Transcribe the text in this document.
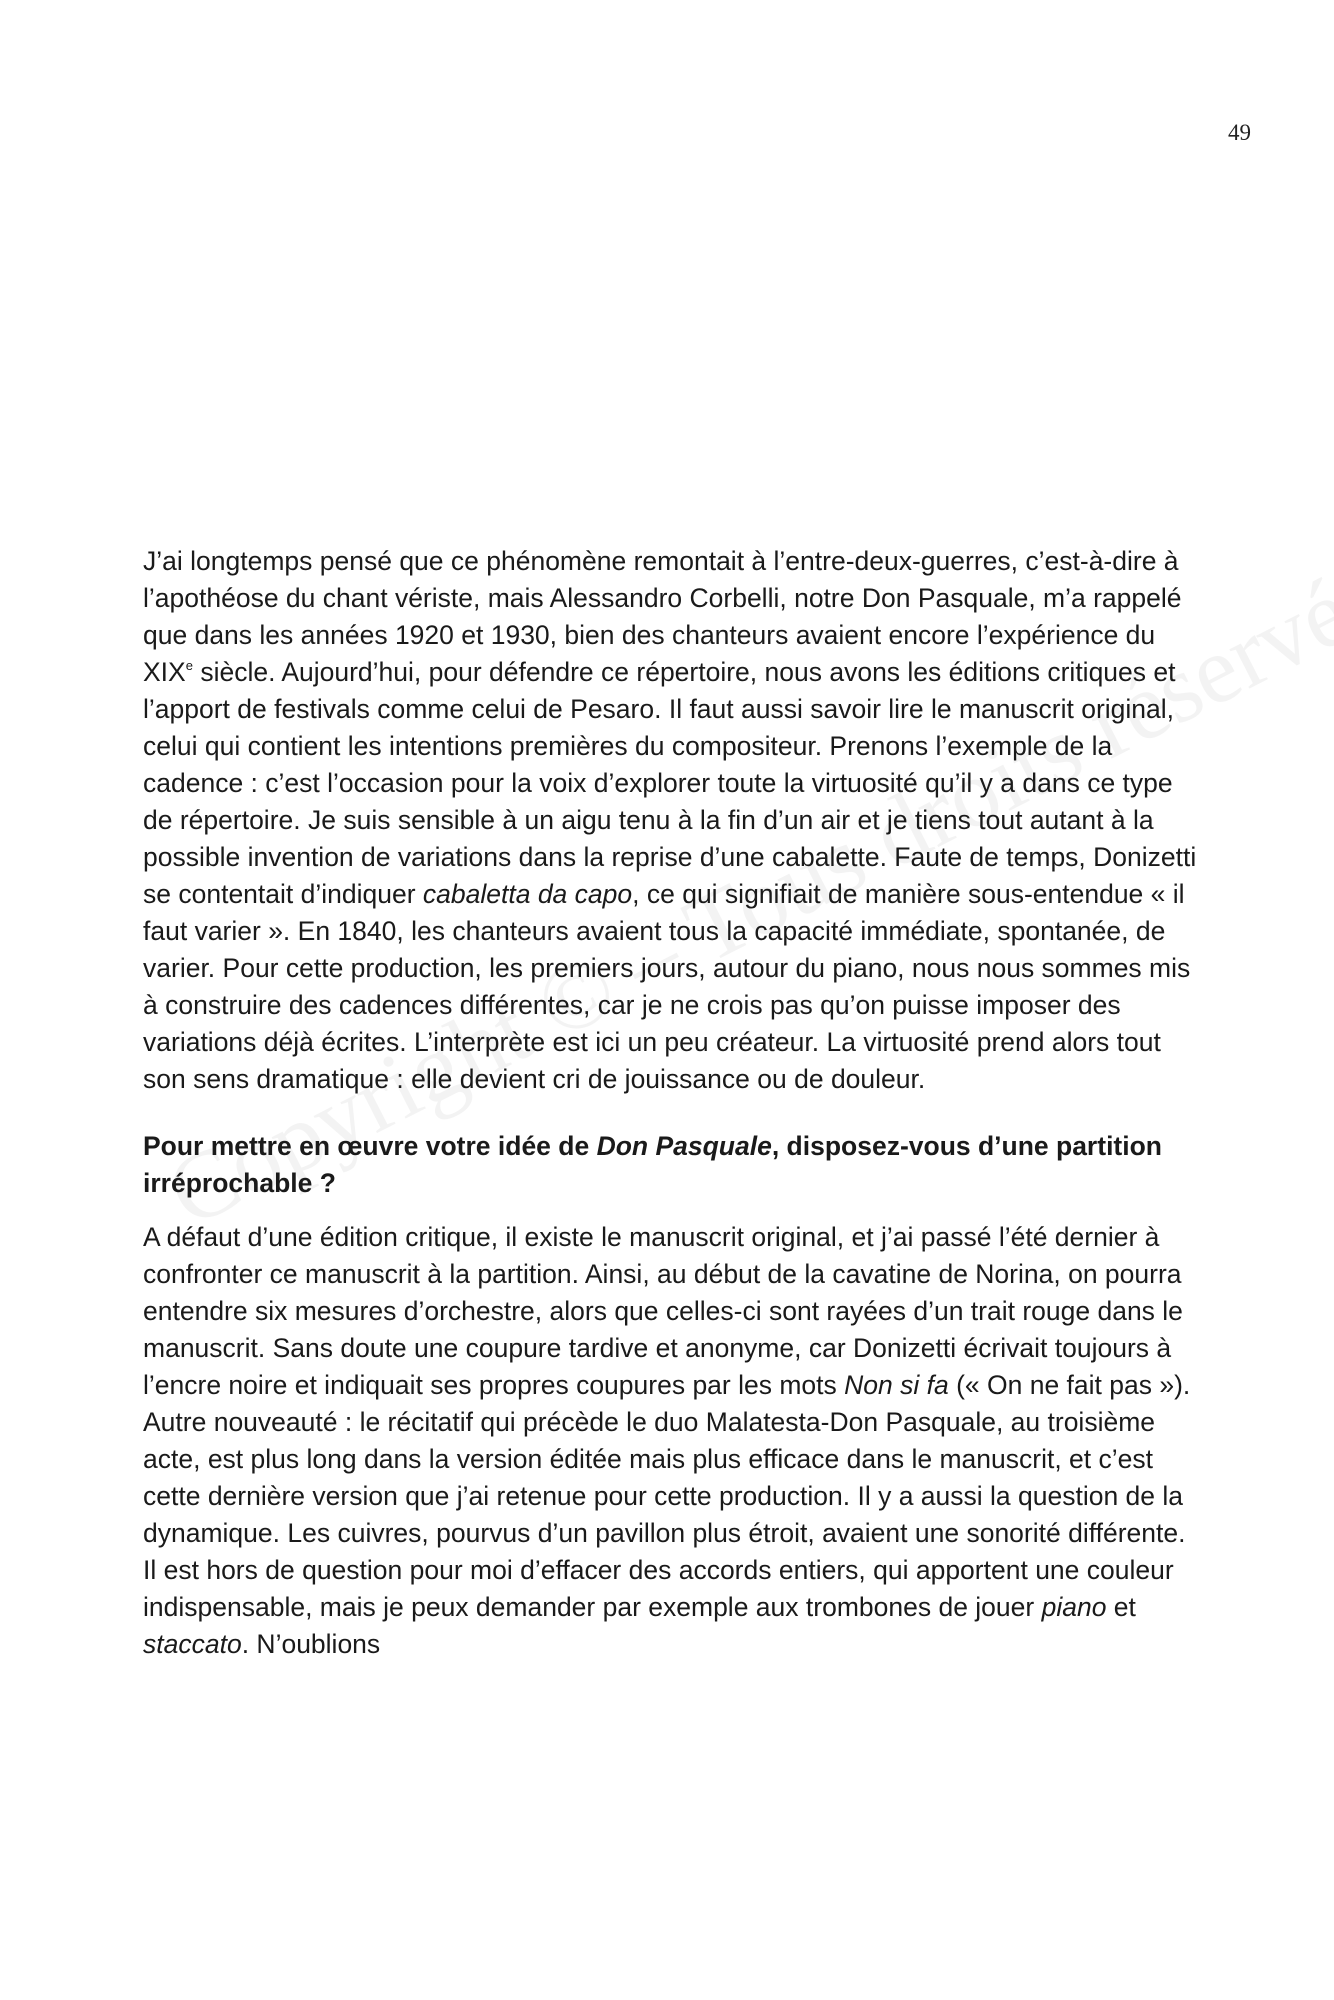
49

J’ai longtemps pensé que ce phénomène remontait à l’entre-deux-guerres, c’est-à-dire à l’apothéose du chant vériste, mais Alessandro Corbelli, notre Don Pasquale, m’a rappelé que dans les années 1920 et 1930, bien des chanteurs avaient encore l’expérience du XIXe siècle. Aujourd’hui, pour défendre ce répertoire, nous avons les éditions critiques et l’apport de festivals comme celui de Pesaro. Il faut aussi savoir lire le manuscrit original, celui qui contient les intentions premières du compositeur. Prenons l’exemple de la cadence : c’est l’occasion pour la voix d’explorer toute la virtuosité qu’il y a dans ce type de répertoire. Je suis sensible à un aigu tenu à la fin d’un air et je tiens tout autant à la possible invention de variations dans la reprise d’une cabalette. Faute de temps, Donizetti se contentait d’indiquer cabaletta da capo, ce qui signifiait de manière sous-entendue « il faut varier ». En 1840, les chanteurs avaient tous la capacité immédiate, spontanée, de varier. Pour cette production, les premiers jours, autour du piano, nous nous sommes mis à construire des cadences différentes, car je ne crois pas qu’on puisse imposer des variations déjà écrites. L’interprète est ici un peu créateur. La virtuosité prend alors tout son sens dramatique : elle devient cri de jouissance ou de douleur.

Pour mettre en œuvre votre idée de Don Pasquale, disposez-vous d’une partition irréprochable ?

A défaut d’une édition critique, il existe le manuscrit original, et j’ai passé l’été dernier à confronter ce manuscrit à la partition. Ainsi, au début de la cavatine de Norina, on pourra entendre six mesures d’orchestre, alors que celles-ci sont rayées d’un trait rouge dans le manuscrit. Sans doute une coupure tardive et anonyme, car Donizetti écrivait toujours à l’encre noire et indiquait ses propres coupures par les mots Non si fa (« On ne fait pas »). Autre nouveauté : le récitatif qui précède le duo Malatesta-Don Pasquale, au troisième acte, est plus long dans la version éditée mais plus efficace dans le manuscrit, et c’est cette dernière version que j’ai retenue pour cette production. Il y a aussi la question de la dynamique. Les cuivres, pourvus d’un pavillon plus étroit, avaient une sonorité différente. Il est hors de question pour moi d’effacer des accords entiers, qui apportent une couleur indispensable, mais je peux demander par exemple aux trombones de jouer piano et staccato. N’oublions
